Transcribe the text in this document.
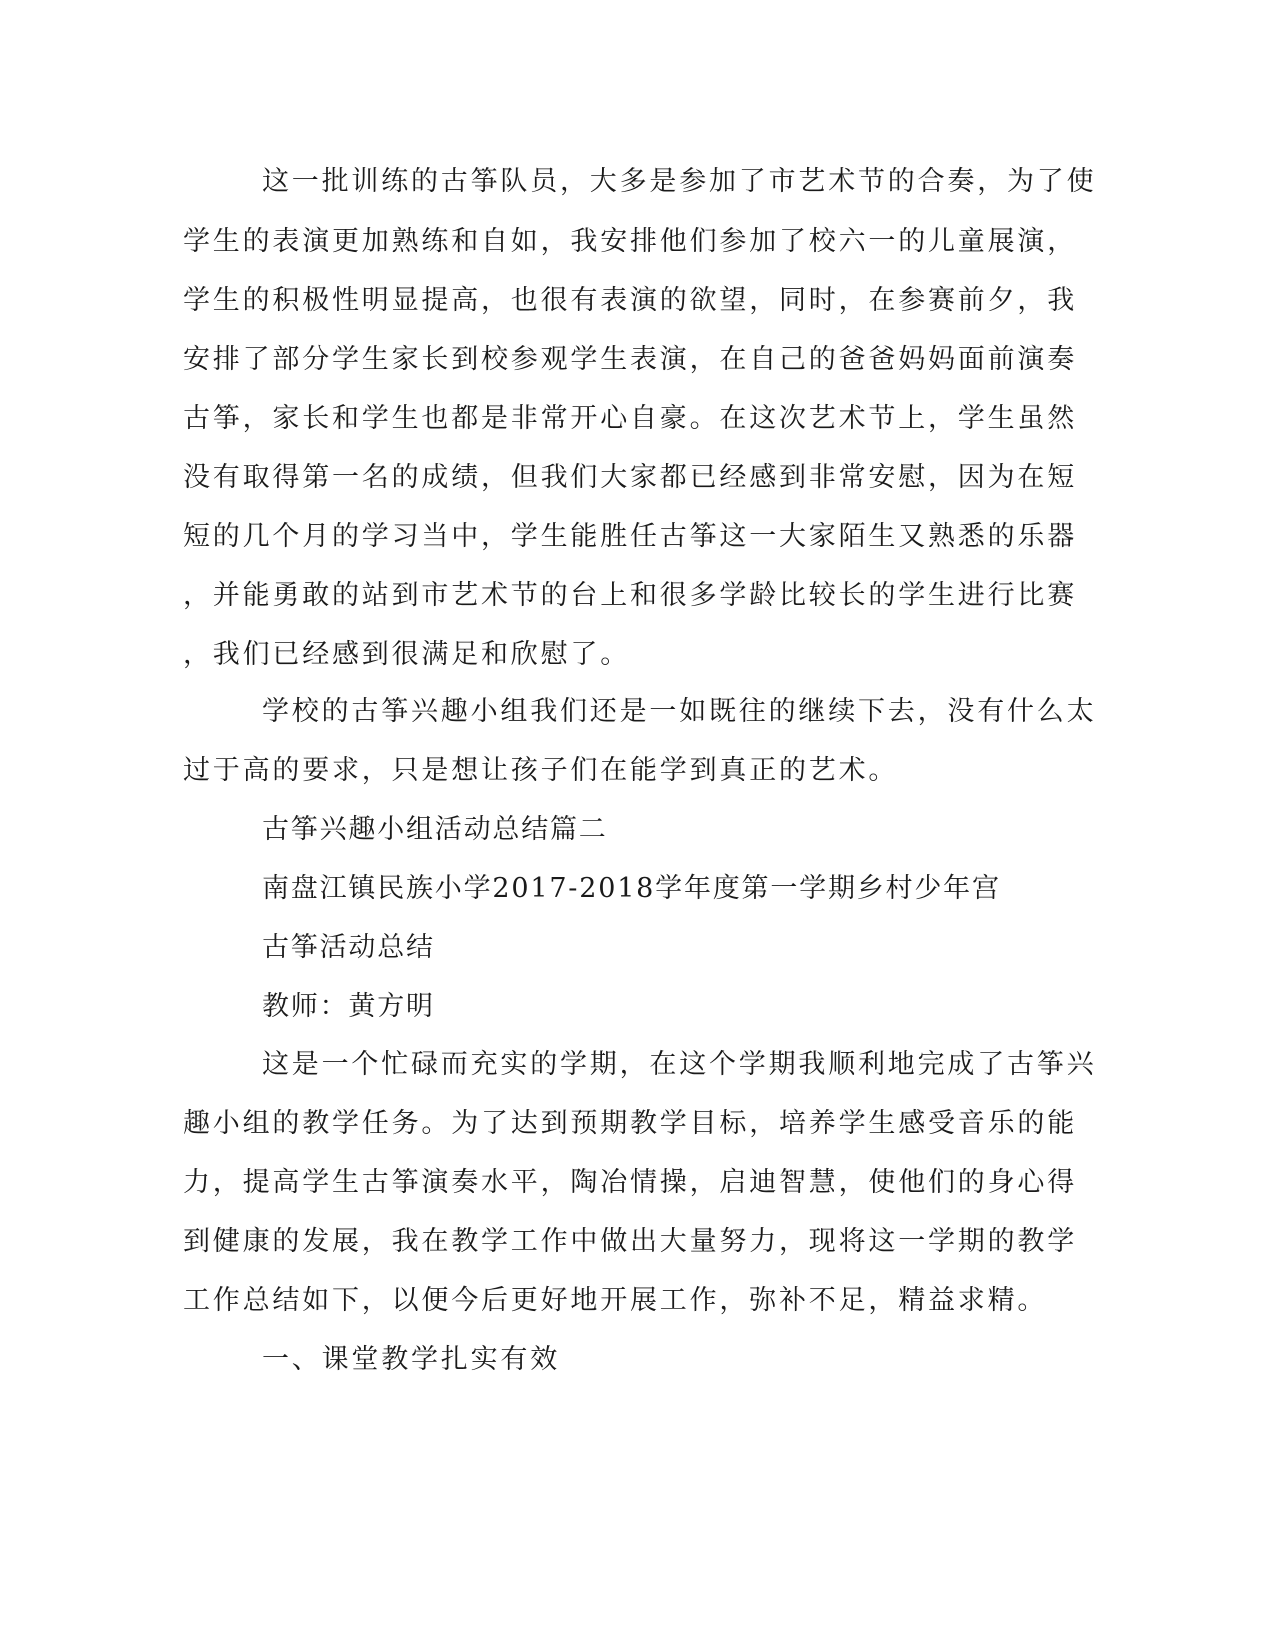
这一批训练的古筝队员，大多是参加了市艺术节的合奏，为了使
学生的表演更加熟练和自如，我安排他们参加了校六一的儿童展演，
学生的积极性明显提高，也很有表演的欲望，同时，在参赛前夕，我
安排了部分学生家长到校参观学生表演，在自己的爸爸妈妈面前演奏
古筝，家长和学生也都是非常开心自豪。在这次艺术节上，学生虽然
没有取得第一名的成绩，但我们大家都已经感到非常安慰，因为在短
短的几个月的学习当中，学生能胜任古筝这一大家陌生又熟悉的乐器
，并能勇敢的站到市艺术节的台上和很多学龄比较长的学生进行比赛
，我们已经感到很满足和欣慰了。
学校的古筝兴趣小组我们还是一如既往的继续下去，没有什么太
过于高的要求，只是想让孩子们在能学到真正的艺术。
古筝兴趣小组活动总结篇二
南盘江镇民族小学2017-2018学年度第一学期乡村少年宫
古筝活动总结
教师：黄方明
这是一个忙碌而充实的学期，在这个学期我顺利地完成了古筝兴
趣小组的教学任务。为了达到预期教学目标，培养学生感受音乐的能
力，提高学生古筝演奏水平，陶冶情操，启迪智慧，使他们的身心得
到健康的发展，我在教学工作中做出大量努力，现将这一学期的教学
工作总结如下，以便今后更好地开展工作，弥补不足，精益求精。
一、课堂教学扎实有效
